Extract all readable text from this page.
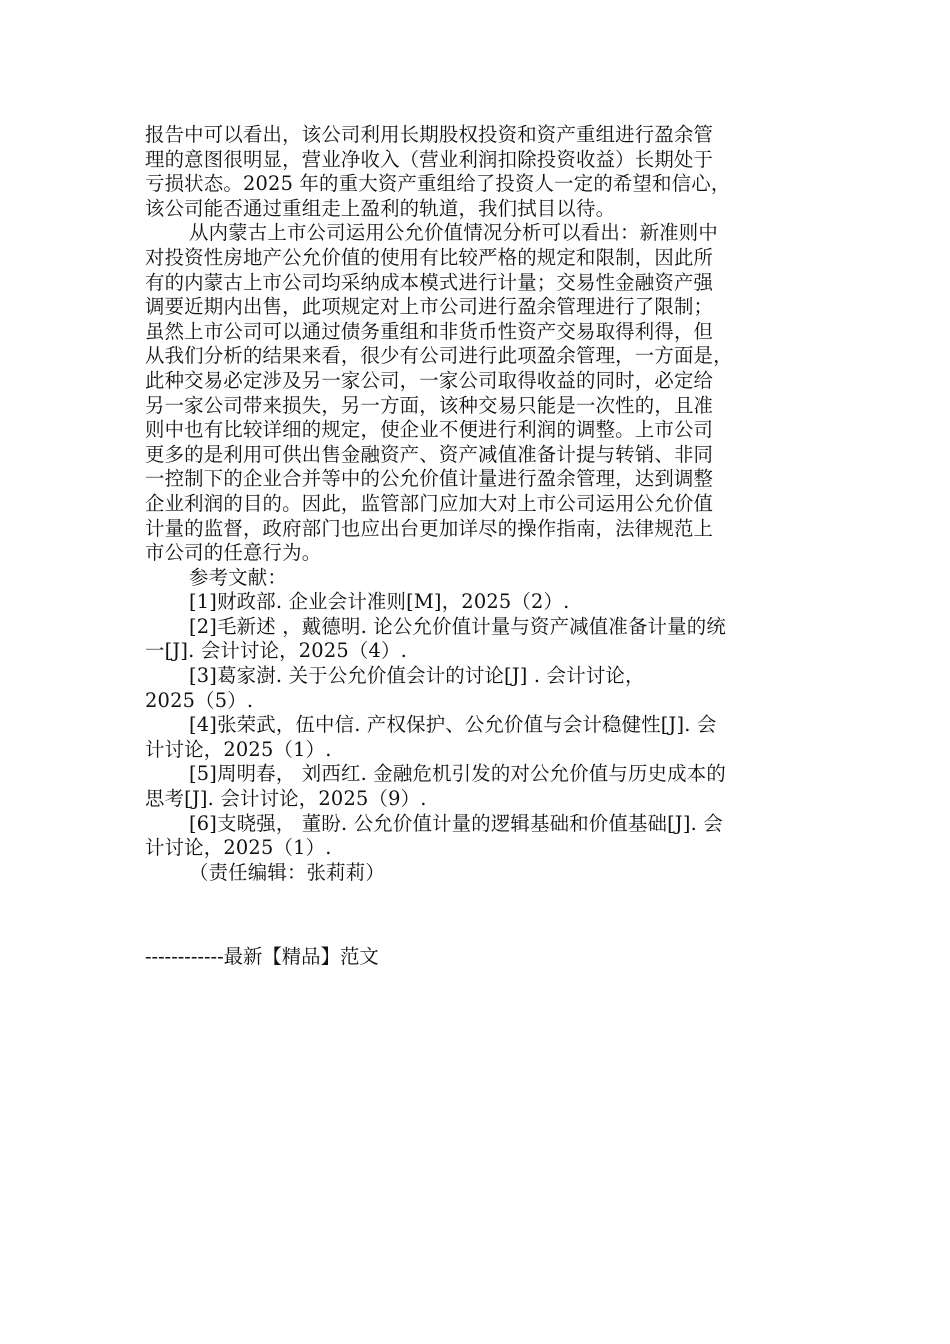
报告中可以看出，该公司利用长期股权投资和资产重组进行盈余管
理的意图很明显，营业净收入（营业利润扣除投资收益）长期处于
亏损状态。2025 年的重大资产重组给了投资人一定的希望和信心，
该公司能否通过重组走上盈利的轨道，我们拭目以待。
从内蒙古上市公司运用公允价值情况分析可以看出：新准则中
对投资性房地产公允价值的使用有比较严格的规定和限制，因此所
有的内蒙古上市公司均采纳成本模式进行计量；交易性金融资产强
调要近期内出售，此项规定对上市公司进行盈余管理进行了限制；
虽然上市公司可以通过债务重组和非货币性资产交易取得利得，但
从我们分析的结果来看，很少有公司进行此项盈余管理，一方面是，
此种交易必定涉及另一家公司，一家公司取得收益的同时，必定给
另一家公司带来损失，另一方面，该种交易只能是一次性的，且准
则中也有比较详细的规定，使企业不便进行利润的调整。上市公司
更多的是利用可供出售金融资产、资产减值准备计提与转销、非同
一控制下的企业合并等中的公允价值计量进行盈余管理，达到调整
企业利润的目的。因此，监管部门应加大对上市公司运用公允价值
计量的监督，政府部门也应出台更加详尽的操作指南，法律规范上
市公司的任意行为。
参考文献：
[1]财政部. 企业会计准则[M]，2025（2）.
[2]毛新述 ，戴德明. 论公允价值计量与资产减值准备计量的统
一[J]. 会计讨论，2025（4）.
[3]葛家澍. 关于公允价值会计的讨论[J] . 会计讨论，
2025（5）.
[4]张荣武，伍中信. 产权保护、公允价值与会计稳健性[J]. 会
计讨论，2025（1）.
[5]周明春， 刘西红. 金融危机引发的对公允价值与历史成本的
思考[J]. 会计讨论，2025（9）.
[6]支晓强， 董盼. 公允价值计量的逻辑基础和价值基础[J]. 会
计讨论，2025（1）.
（责任编辑：张莉莉）
------------最新【精品】范文
